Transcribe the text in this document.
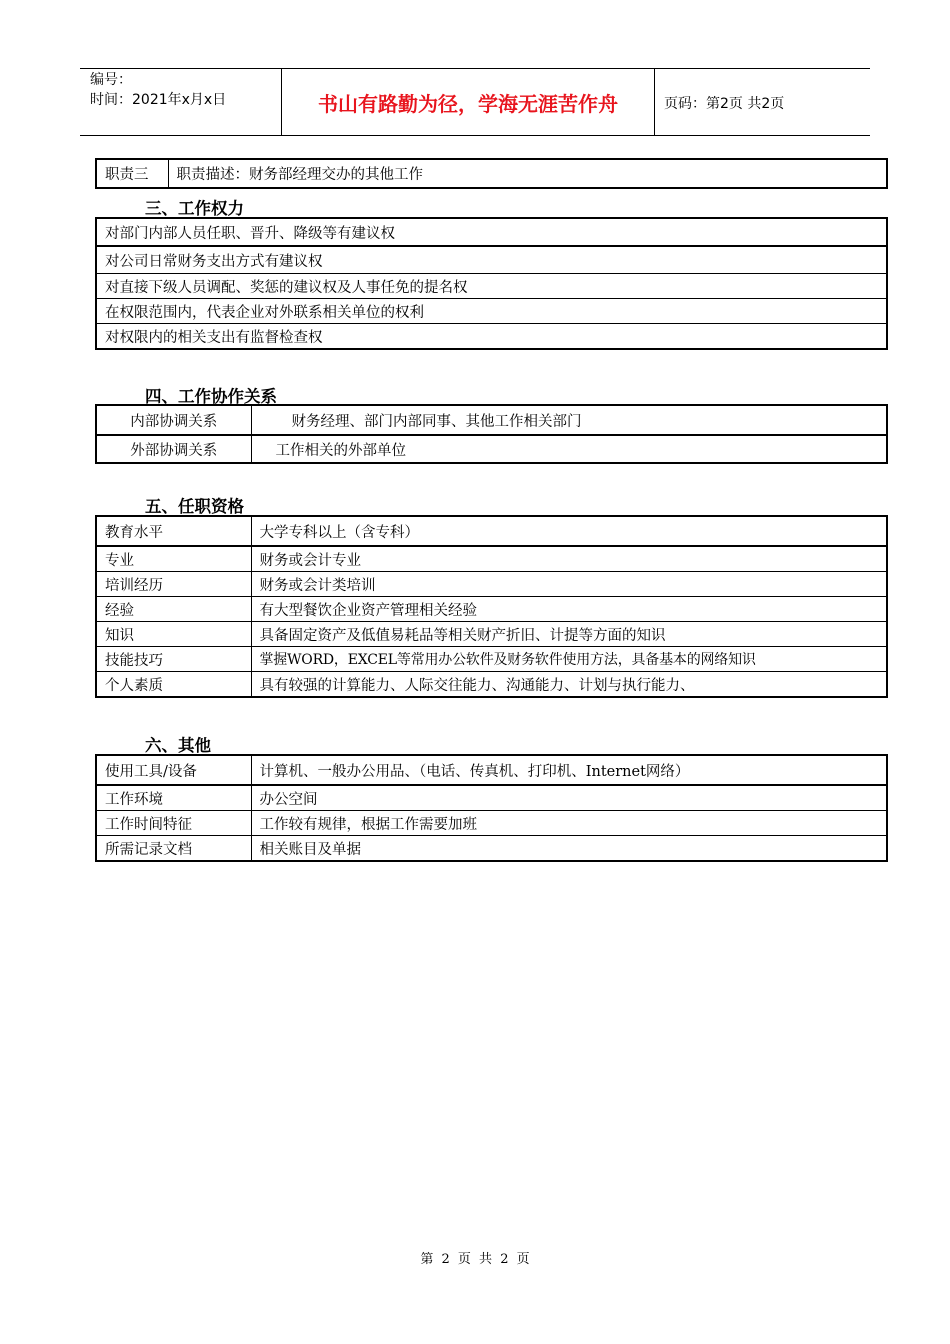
编号：
时间：2021年x月x日	书山有路勤为径，学海无涯苦作舟	页码：第2页 共2页
职责三	职责描述：财务部经理交办的其他工作
三、工作权力
对部门内部人员任职、晋升、降级等有建议权
对公司日常财务支出方式有建议权
对直接下级人员调配、奖惩的建议权及人事任免的提名权
在权限范围内，代表企业对外联系相关单位的权利
对权限内的相关支出有监督检查权
四、工作协作关系
内部协调关系	财务经理、部门内部同事、其他工作相关部门
外部协调关系	工作相关的外部单位
五、任职资格
教育水平	大学专科以上（含专科）
专业	财务或会计专业
培训经历	财务或会计类培训
经验	有大型餐饮企业资产管理相关经验
知识	具备固定资产及低值易耗品等相关财产折旧、计提等方面的知识
技能技巧	掌握WORD，EXCEL等常用办公软件及财务软件使用方法，具备基本的网络知识
个人素质	具有较强的计算能力、人际交往能力、沟通能力、计划与执行能力、
六、其他
使用工具/设备	计算机、一般办公用品、（电话、传真机、打印机、Internet网络）
工作环境	办公空间
工作时间特征	工作较有规律，根据工作需要加班
所需记录文档	相关账目及单据
第 2 页 共 2 页
